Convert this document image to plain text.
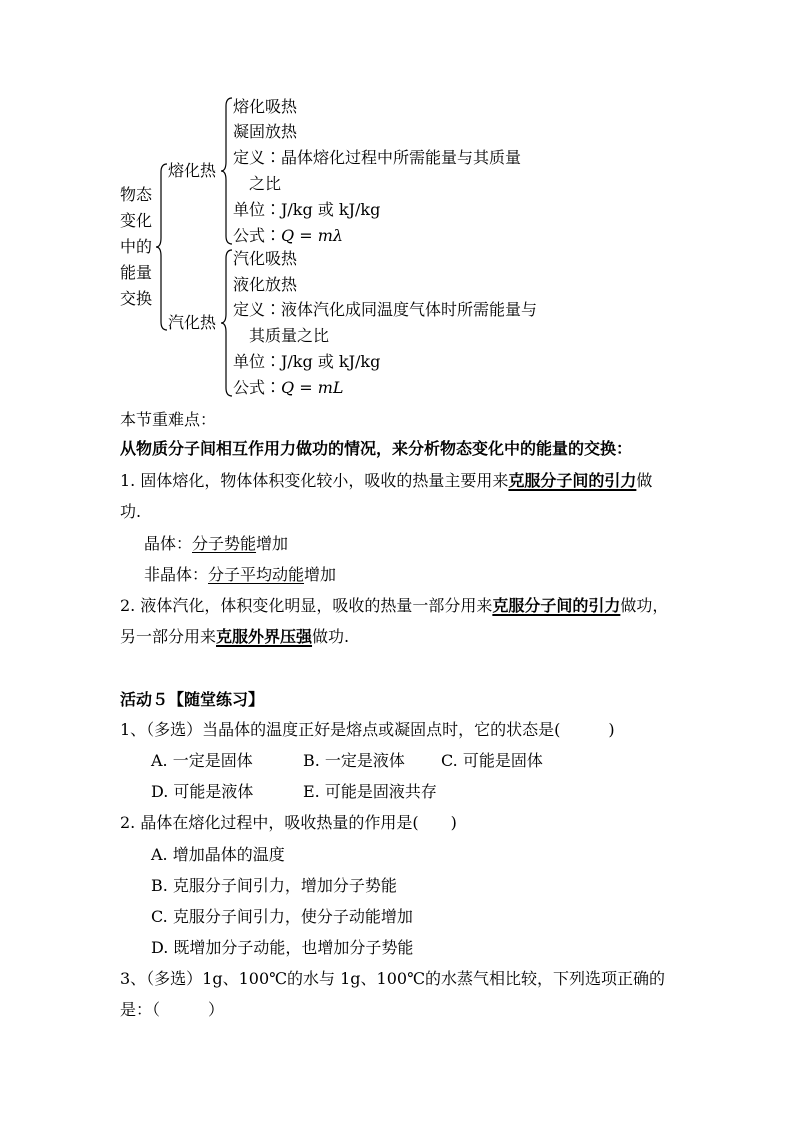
物态
变化
中的
能量
交换
熔化热
熔化吸热
凝固放热
定义∶晶体熔化过程中所需能量与其质量
之比
单位∶J/kg 或 kJ/kg
公式∶Q = mλ
汽化热
汽化吸热
液化放热
定义∶液体汽化成同温度气体时所需能量与
其质量之比
单位∶J/kg 或 kJ/kg
公式∶Q = mL
本节重难点：
从物质分子间相互作用力做功的情况，来分析物态变化中的能量的交换：
1. 固体熔化，物体体积变化较小，吸收的热量主要用来克服分子间的引力做
功.
晶体：分子势能增加
非晶体：分子平均动能增加
2. 液体汽化，体积变化明显，吸收的热量一部分用来克服分子间的引力做功，
另一部分用来克服外界压强做功.
活动５【随堂练习】
1、（多选）当晶体的温度正好是熔点或凝固点时，它的状态是(　　　)
A. 一定是固体	B. 一定是液体 C. 可能是固体
D. 可能是液体	E. 可能是固液共存
2. 晶体在熔化过程中，吸收热量的作用是(　　)
A. 增加晶体的温度
B. 克服分子间引力，增加分子势能
C. 克服分子间引力，使分子动能增加
D. 既增加分子动能，也增加分子势能
3、（多选）1g、100℃的水与 1g、100℃的水蒸气相比较，下列选项正确的
是：（　　　）
